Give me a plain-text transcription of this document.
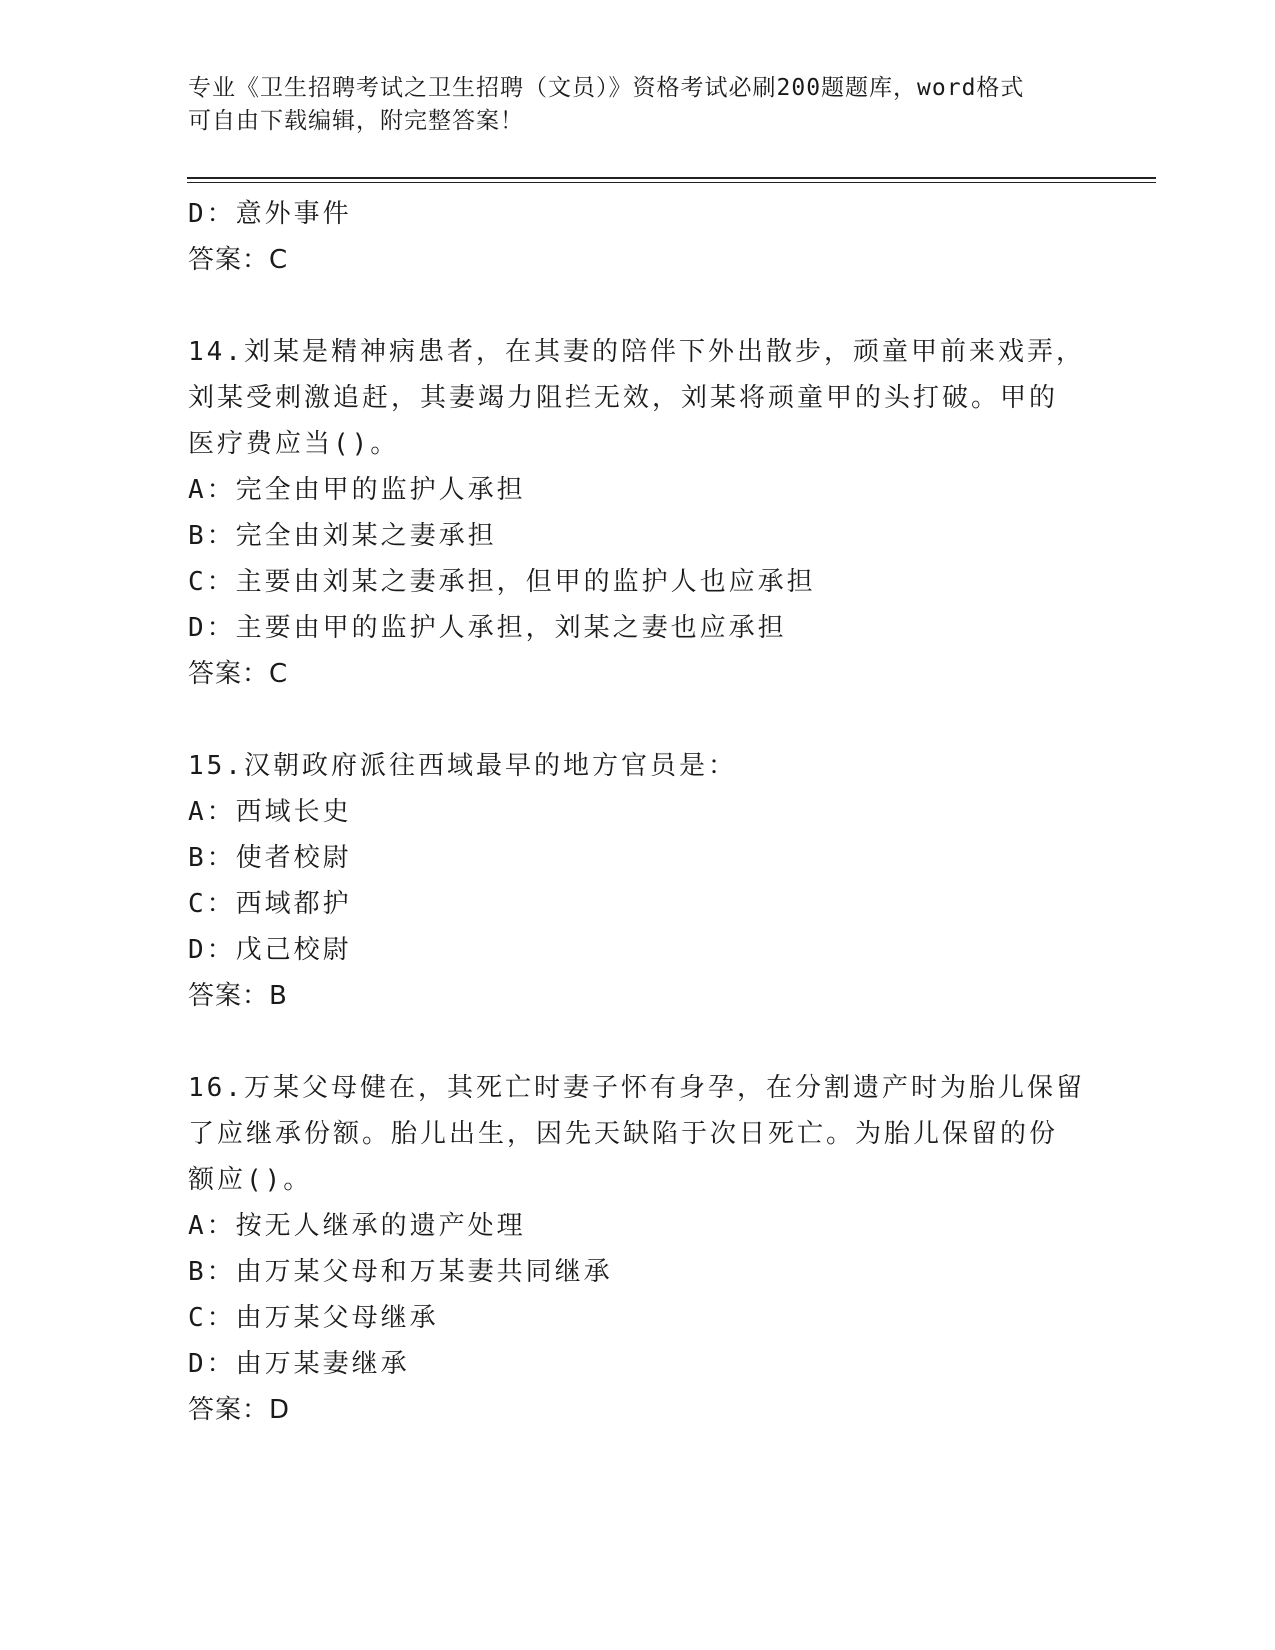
专业《卫生招聘考试之卫生招聘（文员）》资格考试必刷200题题库，word格式
可自由下载编辑，附完整答案！
D：意外事件
答案：C
14.刘某是精神病患者，在其妻的陪伴下外出散步，顽童甲前来戏弄，
刘某受刺激追赶，其妻竭力阻拦无效，刘某将顽童甲的头打破。甲的
医疗费应当()。
A：完全由甲的监护人承担
B：完全由刘某之妻承担
C：主要由刘某之妻承担，但甲的监护人也应承担
D：主要由甲的监护人承担，刘某之妻也应承担
答案：C
15.汉朝政府派往西域最早的地方官员是：
A：西域长史
B：使者校尉
C：西域都护
D：戊己校尉
答案：B
16.万某父母健在，其死亡时妻子怀有身孕，在分割遗产时为胎儿保留
了应继承份额。胎儿出生，因先天缺陷于次日死亡。为胎儿保留的份
额应()。
A：按无人继承的遗产处理
B：由万某父母和万某妻共同继承
C：由万某父母继承
D：由万某妻继承
答案：D
